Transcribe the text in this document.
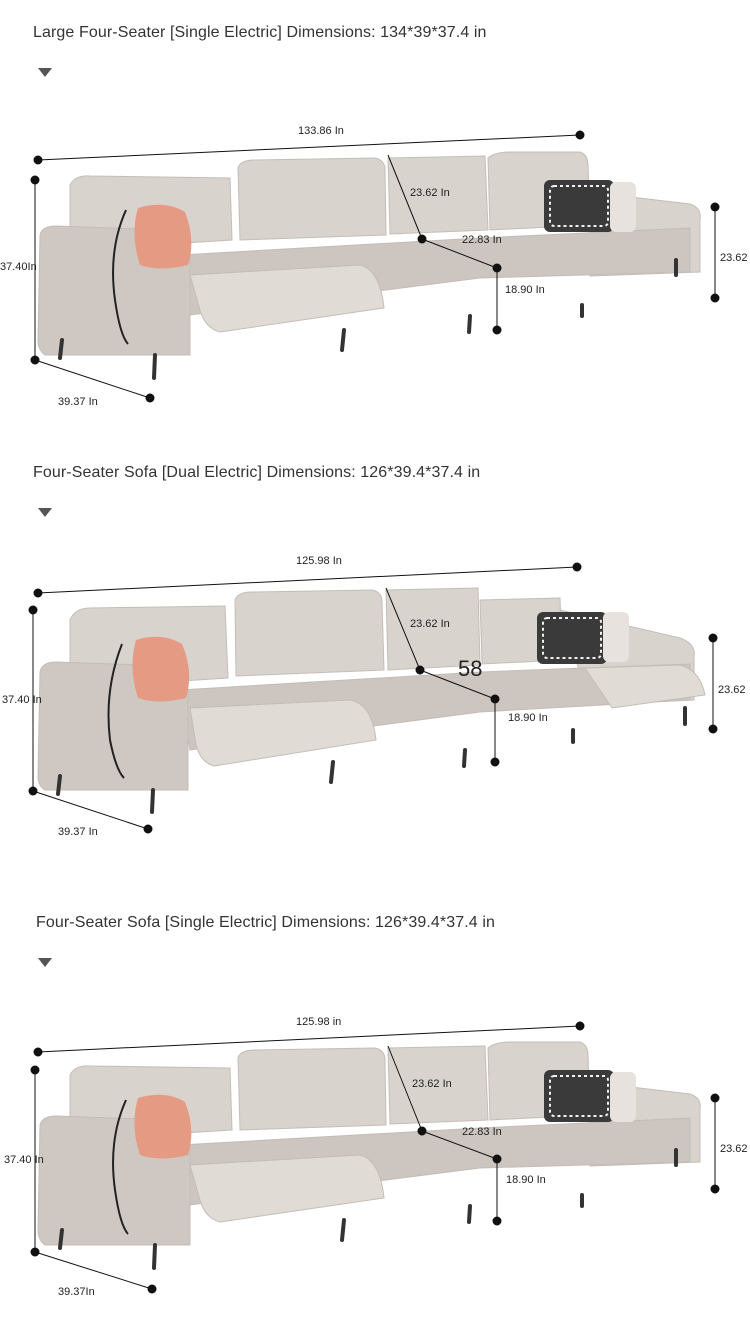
Large Four-Seater [Single Electric] Dimensions: 134*39*37.4 in
133.86 In
37.40In
39.37 In
23.62 In
22.83 In
18.90 In
23.62
Four-Seater Sofa [Dual Electric] Dimensions: 126*39.4*37.4 in
125.98 In
37.40 In
39.37 In
23.62 In
58
18.90 In
23.62
Four-Seater Sofa [Single Electric] Dimensions: 126*39.4*37.4 in
125.98 in
37.40 In
39.37In
23.62 In
22.83 In
18.90 In
23.62
